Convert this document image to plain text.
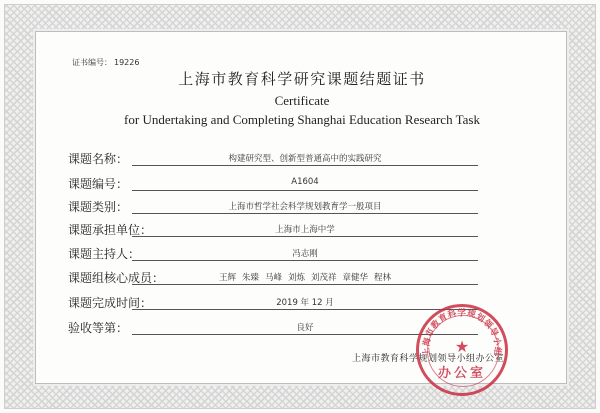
证书编号： 19226
上海市教育科学研究课题结题证书
Certificate
for Undertaking and Completing Shanghai Education Research Task
课题名称：	构建研究型、创新型普通高中的实践研究
课题编号：	A1604
课题类别：	上海市哲学社会科学规划教育学一般项目
课题承担单位：	上海市上海中学
课题主持人：	冯志刚
课题组核心成员：	王辉 朱臻 马峰 刘炼 刘茂祥 章健华 程林
课题完成时间：	2019 年 12 月
验收等第：	良好
上海市教育科学规划领导小组办公室
上海市教育科学规划领导小组
★
办公室
